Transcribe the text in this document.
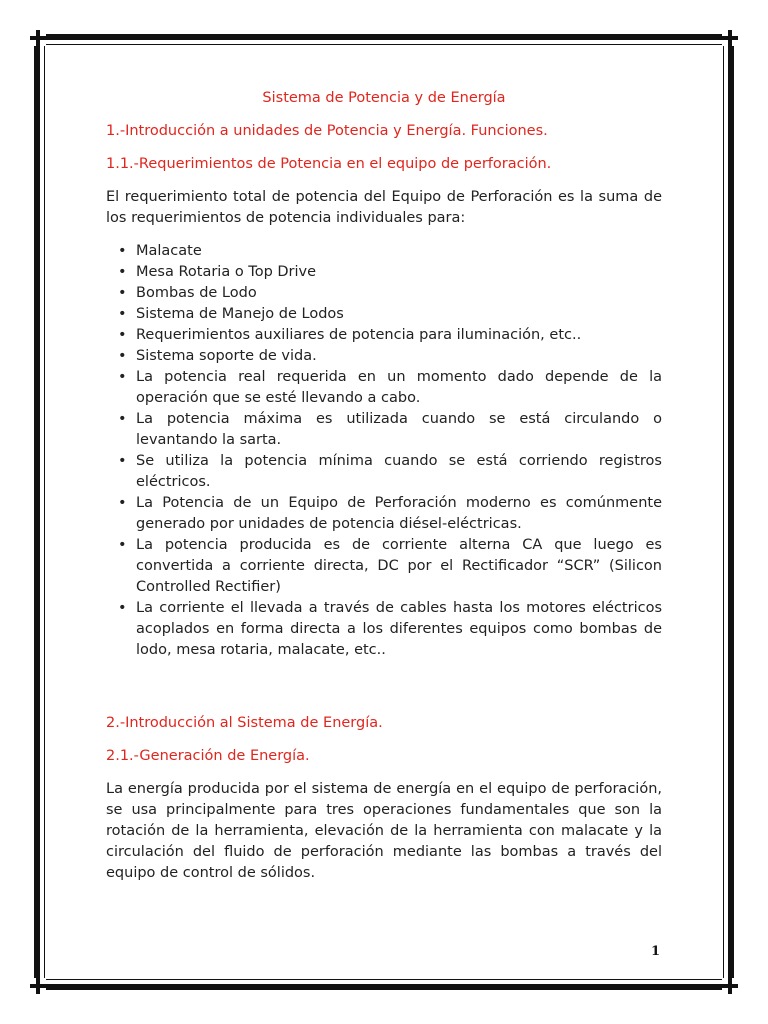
Sistema de Potencia y de Energía
1.-Introducción a unidades de Potencia y Energía. Funciones.
1.1.-Requerimientos de Potencia en el equipo de perforación.

El requerimiento total de potencia del Equipo de Perforación es la suma de los requerimientos de potencia individuales para:

• Malacate
• Mesa Rotaria o Top Drive
• Bombas de Lodo
• Sistema de Manejo de Lodos
• Requerimientos auxiliares de potencia para iluminación, etc..
• Sistema soporte de vida.
• La potencia real requerida en un momento dado depende de la operación que se esté llevando a cabo.
• La potencia máxima es utilizada cuando se está circulando o levantando la sarta.
• Se utiliza la potencia mínima cuando se está corriendo registros eléctricos.
• La Potencia de un Equipo de Perforación moderno es comúnmente generado por unidades de potencia diésel-eléctricas.
• La potencia producida es de corriente alterna CA que luego es convertida a corriente directa, DC por el Rectificador “SCR” (Silicon Controlled Rectifier)
• La corriente el llevada a través de cables hasta los motores eléctricos acoplados en forma directa a los diferentes equipos como bombas de lodo, mesa rotaria, malacate, etc..
2.-Introducción al Sistema de Energía.
2.1.-Generación de Energía.

La energía producida por el sistema de energía en el equipo de perforación, se usa principalmente para tres operaciones fundamentales que son la rotación de la herramienta, elevación de la herramienta con malacate y la circulación del fluido de perforación mediante las bombas a través del equipo de control de sólidos.

1
